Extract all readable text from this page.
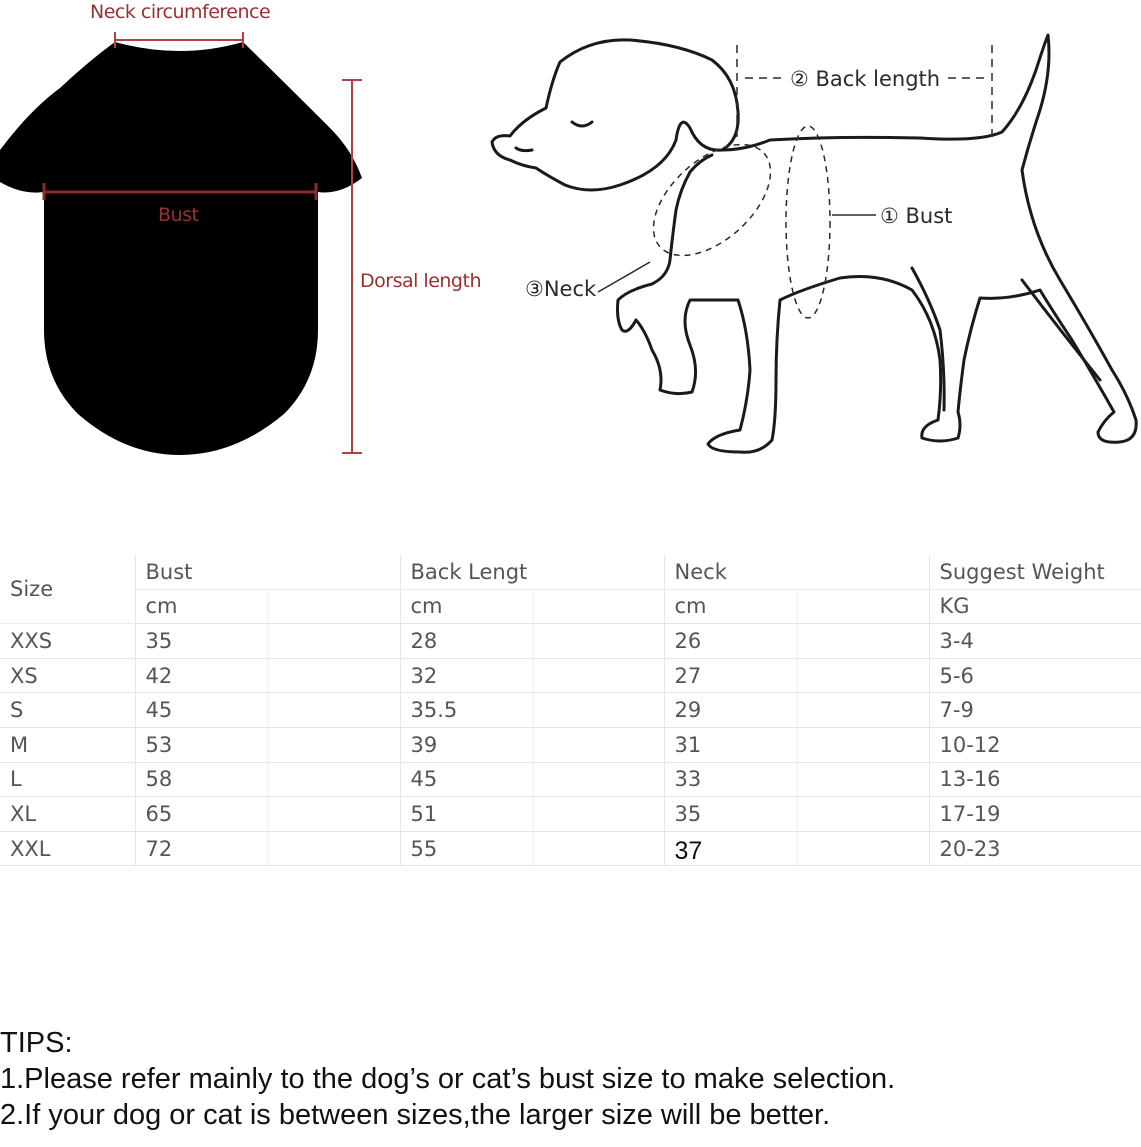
Neck circumference
Bust
Dorsal length
② Back length
① Bust
③Neck
Size	Bust		Back Lengt		Neck		Suggest Weight
	cm		cm		cm		KG
XXS	35		28		26		3-4
XS	42		32		27		5-6
S	45		35.5		29		7-9
M	53		39		31		10-12
L	58		45		33		13-16
XL	65		51		35		17-19
XXL	72		55		37		20-23
TIPS:
1.Please refer mainly to the dog’s or cat’s bust size to make selection.
2.If your dog or cat is between sizes,the larger size will be better.
